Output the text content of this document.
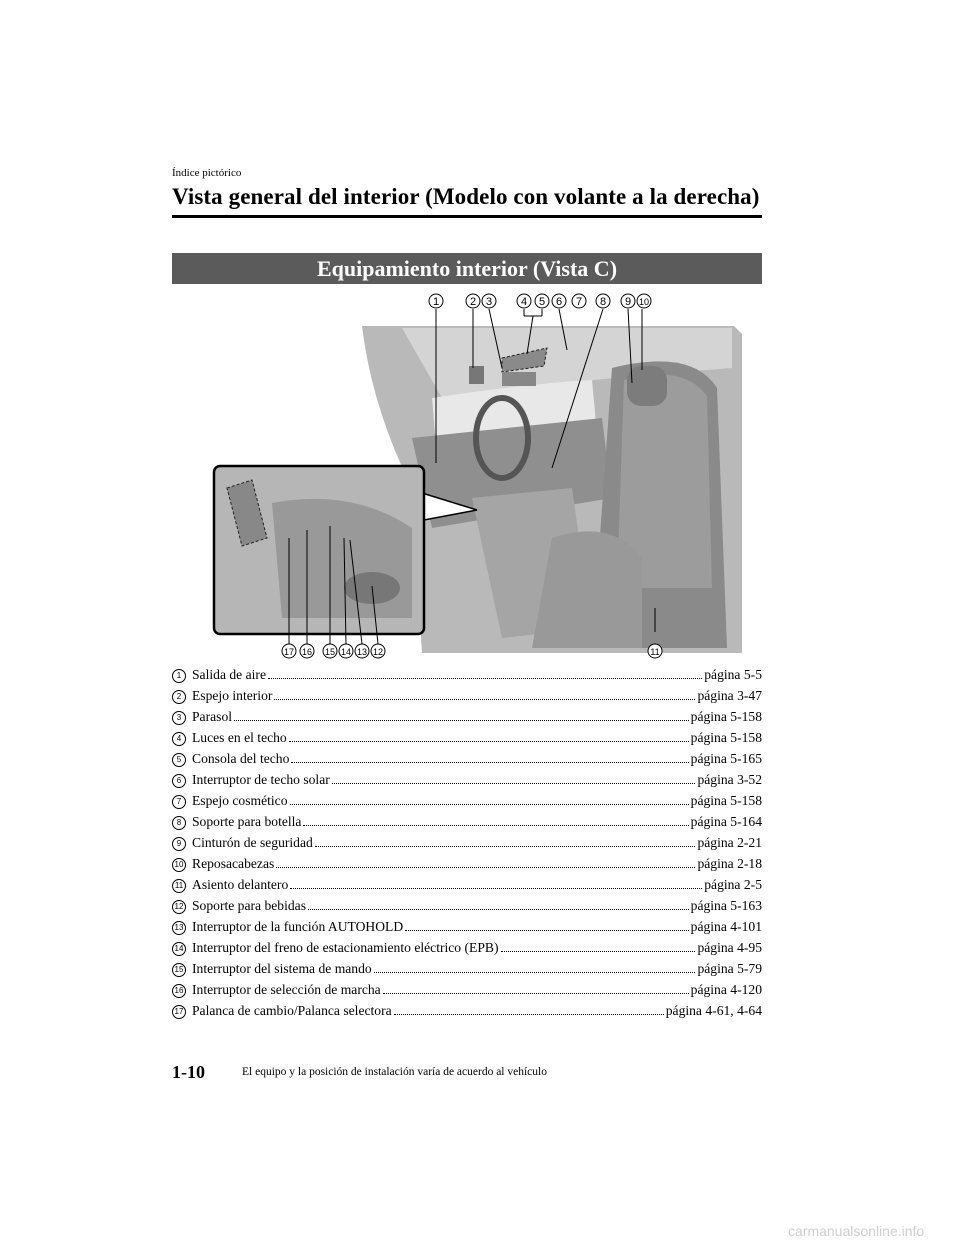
Índice pictórico
Vista general del interior (Modelo con volante a la derecha)
Equipamiento interior (Vista C)
1	2 3	4 5 6 7 8 9 10
17 16 15 14 13 12	11
1 Salida de aire	página 5-5
2 Espejo interior	página 3-47
3 Parasol	página 5-158
4 Luces en el techo	página 5-158
5 Consola del techo	página 5-165
6 Interruptor de techo solar	página 3-52
7 Espejo cosmético	página 5-158
8 Soporte para botella	página 5-164
9 Cinturón de seguridad	página 2-21
10 Reposacabezas	página 2-18
11 Asiento delantero	página 2-5
12 Soporte para bebidas	página 5-163
13 Interruptor de la función AUTOHOLD	página 4-101
14 Interruptor del freno de estacionamiento eléctrico (EPB)	página 4-95
15 Interruptor del sistema de mando	página 5-79
16 Interruptor de selección de marcha	página 4-120
17 Palanca de cambio/Palanca selectora	página 4-61, 4-64
1-10	El equipo y la posición de instalación varía de acuerdo al vehículo
carmanualsonline.info
